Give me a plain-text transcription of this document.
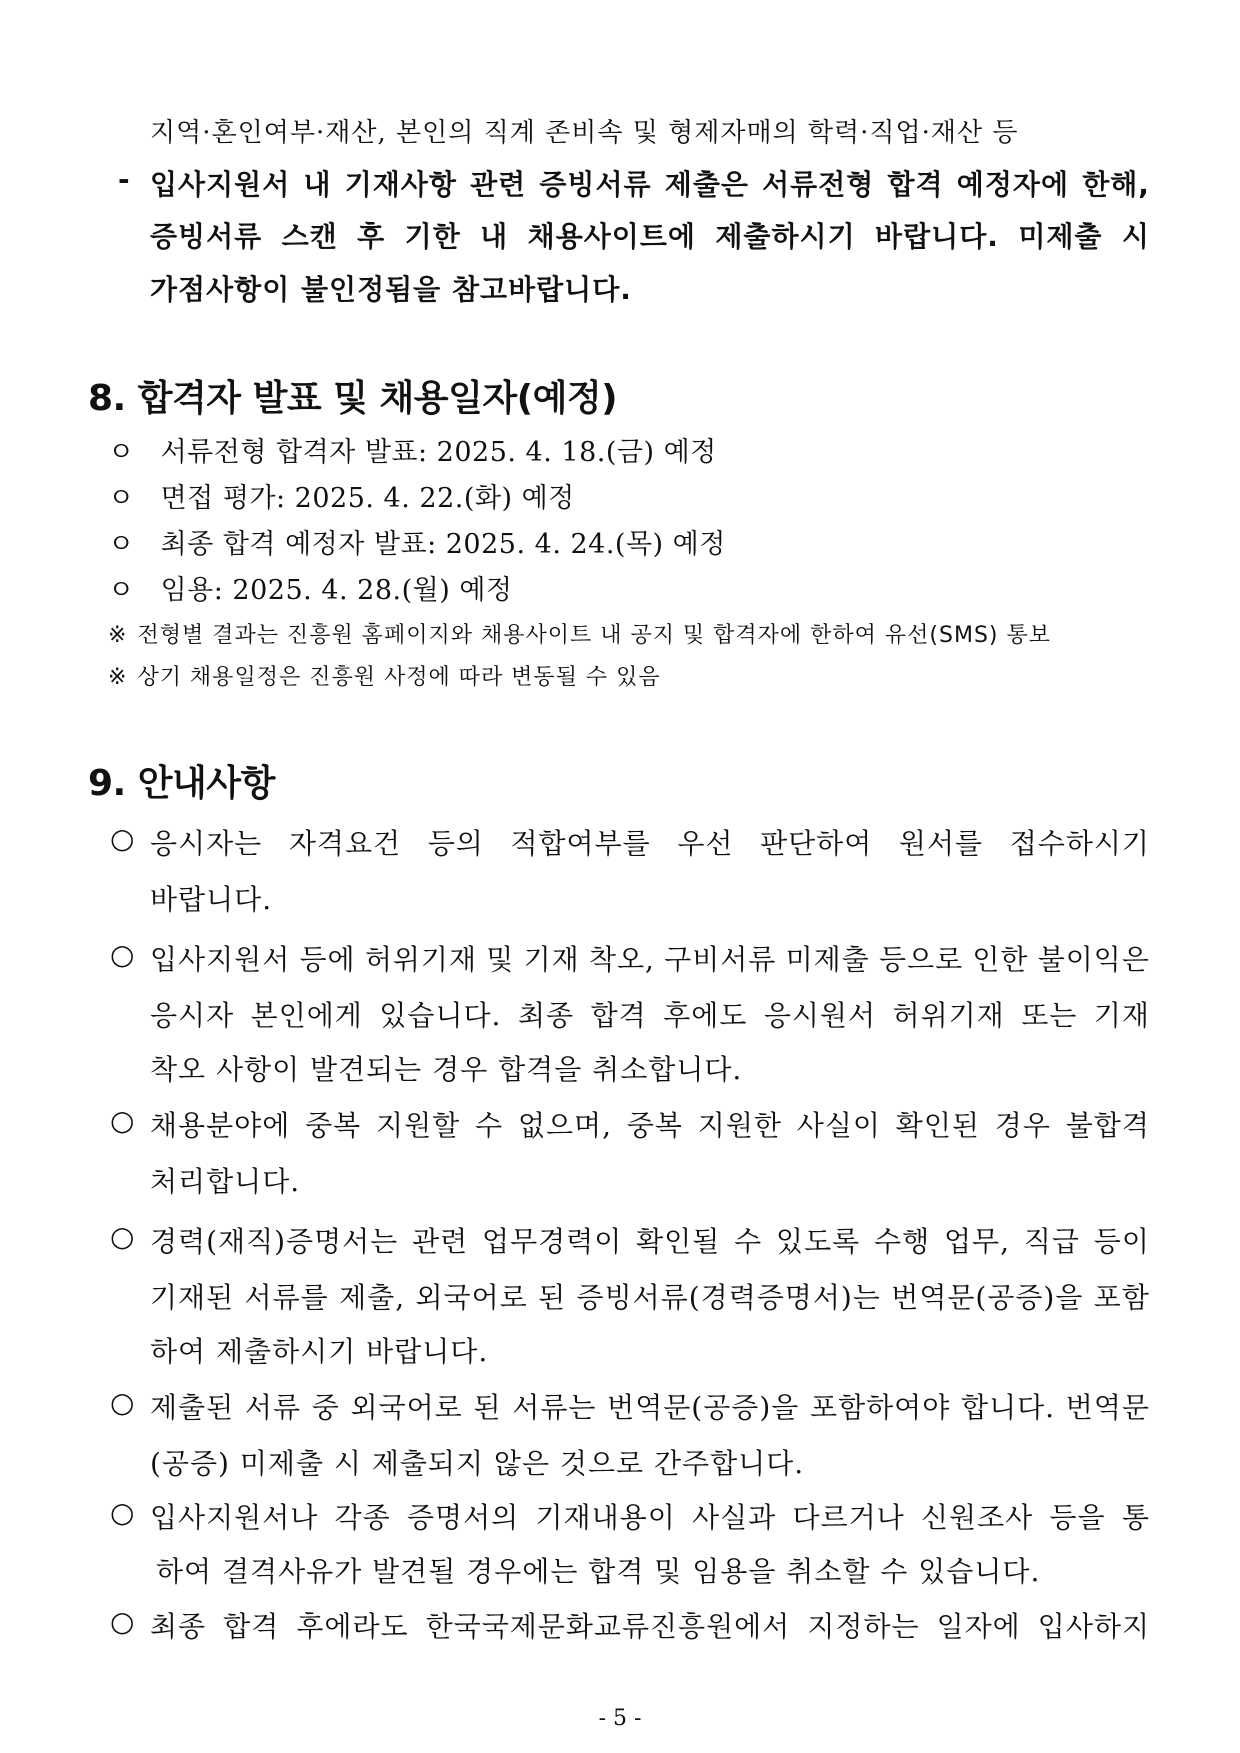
지역·혼인여부·재산, 본인의 직계 존비속 및 형제자매의 학력·직업·재산 등
- 입사지원서 내 기재사항 관련 증빙서류 제출은 서류전형 합격 예정자에 한해,
증빙서류 스캔 후 기한 내 채용사이트에 제출하시기 바랍니다. 미제출 시
가점사항이 불인정됨을 참고바랍니다.
8. 합격자 발표 및 채용일자(예정)
ㅇ 서류전형 합격자 발표: 2025. 4. 18.(금) 예정
ㅇ 면접 평가: 2025. 4. 22.(화) 예정
ㅇ 최종 합격 예정자 발표: 2025. 4. 24.(목) 예정
ㅇ 임용: 2025. 4. 28.(월) 예정
※ 전형별 결과는 진흥원 홈페이지와 채용사이트 내 공지 및 합격자에 한하여 유선(SMS) 통보
※ 상기 채용일정은 진흥원 사정에 따라 변동될 수 있음
9. 안내사항
○ 응시자는 자격요건 등의 적합여부를 우선 판단하여 원서를 접수하시기
바랍니다.
○ 입사지원서 등에 허위기재 및 기재 착오, 구비서류 미제출 등으로 인한 불이익은
응시자 본인에게 있습니다. 최종 합격 후에도 응시원서 허위기재 또는 기재
착오 사항이 발견되는 경우 합격을 취소합니다.
○ 채용분야에 중복 지원할 수 없으며, 중복 지원한 사실이 확인된 경우 불합격
처리합니다.
○ 경력(재직)증명서는 관련 업무경력이 확인될 수 있도록 수행 업무, 직급 등이
기재된 서류를 제출, 외국어로 된 증빙서류(경력증명서)는 번역문(공증)을 포함
하여 제출하시기 바랍니다.
○ 제출된 서류 중 외국어로 된 서류는 번역문(공증)을 포함하여야 합니다. 번역문
(공증) 미제출 시 제출되지 않은 것으로 간주합니다.
○ 입사지원서나 각종 증명서의 기재내용이 사실과 다르거나 신원조사 등을 통
하여 결격사유가 발견될 경우에는 합격 및 임용을 취소할 수 있습니다.
○ 최종 합격 후에라도 한국국제문화교류진흥원에서 지정하는 일자에 입사하지
- 5 -
